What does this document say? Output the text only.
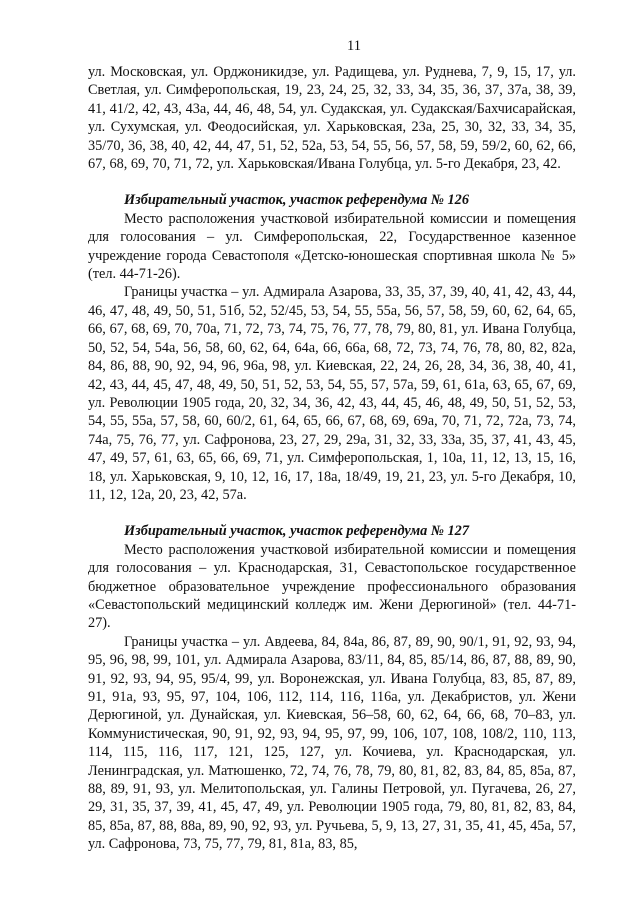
11

ул. Московская, ул. Орджоникидзе, ул. Радищева, ул. Руднева, 7, 9, 15, 17, ул. Светлая, ул. Симферопольская, 19, 23, 24, 25, 32, 33, 34, 35, 36, 37, 37а, 38, 39, 41, 41/2, 42, 43, 43а, 44, 46, 48, 54, ул. Судакская, ул. Судакская/Бахчисарайская, ул. Сухумская, ул. Феодосийская, ул. Харьковская, 23а, 25, 30, 32, 33, 34, 35, 35/70, 36, 38, 40, 42, 44, 47, 51, 52, 52а, 53, 54, 55, 56, 57, 58, 59, 59/2, 60, 62, 66, 67, 68, 69, 70, 71, 72, ул. Харьковская/Ивана Голубца, ул. 5-го Декабря, 23, 42.

Избирательный участок, участок референдума № 126

Место расположения участковой избирательной комиссии и помещения для голосования – ул. Симферопольская, 22, Государственное казенное учреждение города Севастополя «Детско-юношеская спортивная школа № 5» (тел. 44-71-26).

Границы участка – ул. Адмирала Азарова, 33, 35, 37, 39, 40, 41, 42, 43, 44, 46, 47, 48, 49, 50, 51, 51б, 52, 52/45, 53, 54, 55, 55а, 56, 57, 58, 59, 60, 62, 64, 65, 66, 67, 68, 69, 70, 70а, 71, 72, 73, 74, 75, 76, 77, 78, 79, 80, 81, ул. Ивана Голубца, 50, 52, 54, 54а, 56, 58, 60, 62, 64, 64а, 66, 66а, 68, 72, 73, 74, 76, 78, 80, 82, 82а, 84, 86, 88, 90, 92, 94, 96, 96а, 98, ул. Киевская, 22, 24, 26, 28, 34, 36, 38, 40, 41, 42, 43, 44, 45, 47, 48, 49, 50, 51, 52, 53, 54, 55, 57, 57а, 59, 61, 61а, 63, 65, 67, 69, ул. Революции 1905 года, 20, 32, 34, 36, 42, 43, 44, 45, 46, 48, 49, 50, 51, 52, 53, 54, 55, 55а, 57, 58, 60, 60/2, 61, 64, 65, 66, 67, 68, 69, 69а, 70, 71, 72, 72а, 73, 74, 74а, 75, 76, 77, ул. Сафронова, 23, 27, 29, 29а, 31, 32, 33, 33а, 35, 37, 41, 43, 45, 47, 49, 57, 61, 63, 65, 66, 69, 71, ул. Симферопольская, 1, 10а, 11, 12, 13, 15, 16, 18, ул. Харьковская, 9, 10, 12, 16, 17, 18а, 18/49, 19, 21, 23, ул. 5-го Декабря, 10, 11, 12, 12а, 20, 23, 42, 57а.

Избирательный участок, участок референдума № 127

Место расположения участковой избирательной комиссии и помещения для голосования – ул. Краснодарская, 31, Севастопольское государственное бюджетное образовательное учреждение профессионального образования «Севастопольский медицинский колледж им. Жени Дерюгиной» (тел. 44-71-27).

Границы участка – ул. Авдеева, 84, 84а, 86, 87, 89, 90, 90/1, 91, 92, 93, 94, 95, 96, 98, 99, 101, ул. Адмирала Азарова, 83/11, 84, 85, 85/14, 86, 87, 88, 89, 90, 91, 92, 93, 94, 95, 95/4, 99, ул. Воронежская, ул. Ивана Голубца, 83, 85, 87, 89, 91, 91а, 93, 95, 97, 104, 106, 112, 114, 116, 116а, ул. Декабристов, ул. Жени Дерюгиной, ул. Дунайская, ул. Киевская, 56–58, 60, 62, 64, 66, 68, 70–83, ул. Коммунистическая, 90, 91, 92, 93, 94, 95, 97, 99, 106, 107, 108, 108/2, 110, 113, 114, 115, 116, 117, 121, 125, 127, ул. Кочиева, ул. Краснодарская, ул. Ленинградская, ул. Матюшенко, 72, 74, 76, 78, 79, 80, 81, 82, 83, 84, 85, 85а, 87, 88, 89, 91, 93, ул. Мелитопольская, ул. Галины Петровой, ул. Пугачева, 26, 27, 29, 31, 35, 37, 39, 41, 45, 47, 49, ул. Революции 1905 года, 79, 80, 81, 82, 83, 84, 85, 85а, 87, 88, 88а, 89, 90, 92, 93, ул. Ручьева, 5, 9, 13, 27, 31, 35, 41, 45, 45а, 57, ул. Сафронова, 73, 75, 77, 79, 81, 81а, 83, 85,
